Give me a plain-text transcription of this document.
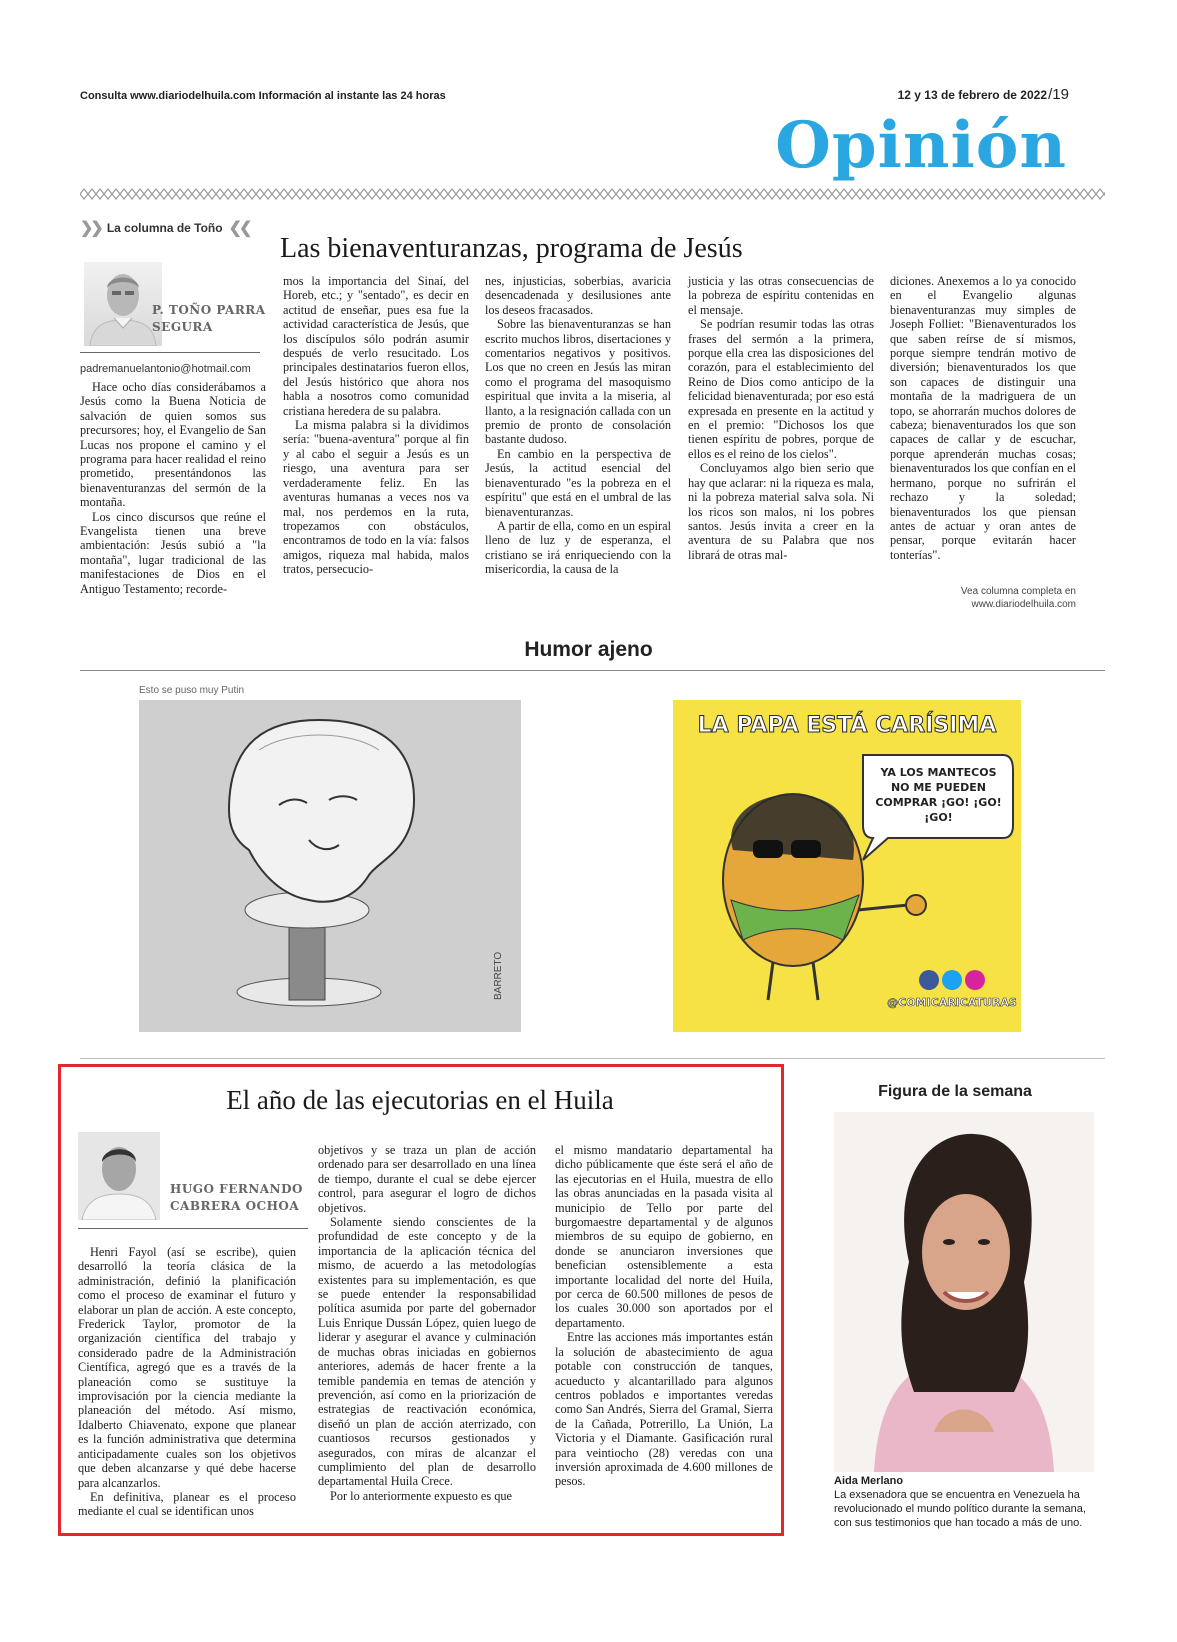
Consulta www.diariodelhuila.com Información al instante las 24 horas	12 y 13 de febrero de 2022 /19
Opinión
❯❯ La columna de Toño ❮❮
Las bienaventuranzas, programa de Jesús
P. TOÑO PARRA
SEGURA
padremanuelantonio@hotmail.com

Hace ocho días considerábamos a Jesús como la Buena Noticia de salvación de quien somos sus precursores; hoy, el Evangelio de San Lucas nos propone el camino y el programa para hacer realidad el reino prometido, presentándonos las bienaventuranzas del sermón de la montaña.

Los cinco discursos que reúne el Evangelista tienen una breve ambientación: Jesús subió a "la montaña", lugar tradicional de las manifestaciones de Dios en el Antiguo Testamento; recorde-

mos la importancia del Sinaí, del Horeb, etc.; y "sentado", es decir en actitud de enseñar, pues esa fue la actividad característica de Jesús, que los discípulos sólo podrán asumir después de verlo resucitado. Los principales destinatarios fueron ellos, del Jesús histórico que ahora nos habla a nosotros como comunidad cristiana heredera de su palabra.

La misma palabra si la dividimos sería: "buena-aventura" porque al fin y al cabo el seguir a Jesús es un riesgo, una aventura para ser verdaderamente feliz. En las aventuras humanas a veces nos va mal, nos perdemos en la ruta, tropezamos con obstáculos, encontramos de todo en la vía: falsos amigos, riqueza mal habida, malos tratos, persecucio-

nes, injusticias, soberbias, avaricia desencadenada y desilusiones ante los deseos fracasados.

Sobre las bienaventuranzas se han escrito muchos libros, disertaciones y comentarios negativos y positivos. Los que no creen en Jesús las miran como el programa del masoquismo espiritual que invita a la miseria, al llanto, a la resignación callada con un premio de pronto de consolación bastante dudoso.

En cambio en la perspectiva de Jesús, la actitud esencial del bienaventurado "es la pobreza en el espíritu" que está en el umbral de las bienaventuranzas.

A partir de ella, como en un espiral lleno de luz y de esperanza, el cristiano se irá enriqueciendo con la misericordia, la causa de la

justicia y las otras consecuencias de la pobreza de espíritu contenidas en el mensaje.

Se podrían resumir todas las otras frases del sermón a la primera, porque ella crea las disposiciones del corazón, para el establecimiento del Reino de Dios como anticipo de la felicidad bienaventurada; por eso está expresada en presente en la actitud y en el premio: "Dichosos los que tienen espíritu de pobres, porque de ellos es el reino de los cielos".

Concluyamos algo bien serio que hay que aclarar: ni la riqueza es mala, ni la pobreza material salva sola. Ni los ricos son malos, ni los pobres santos. Jesús invita a creer en la aventura de su Palabra que nos librará de otras mal-

diciones. Anexemos a lo ya conocido en el Evangelio algunas bienaventuranzas muy simples de Joseph Folliet: "Bienaventurados los que saben reírse de sí mismos, porque siempre tendrán motivo de diversión; bienaventurados los que son capaces de distinguir una montaña de la madriguera de un topo, se ahorrarán muchos dolores de cabeza; bienaventurados los que son capaces de callar y de escuchar, porque aprenderán muchas cosas; bienaventurados los que confían en el hermano, porque no sufrirán el rechazo y la soledad; bienaventurados los que piensan antes de actuar y oran antes de pensar, porque evitarán hacer tonterías".

Vea columna completa en
www.diariodelhuila.com
Humor ajeno
Esto se puso muy Putin
BARRETO
LA PAPA ESTÁ CARÍSIMA
YA LOS MANTECOS NO ME PUEDEN COMPRAR ¡GO! ¡GO! ¡GO!
@COMICARICATURAS
El año de las ejecutorias en el Huila
HUGO FERNANDO
CABRERA OCHOA

Henri Fayol (así se escribe), quien desarrolló la teoría clásica de la administración, definió la planificación como el proceso de examinar el futuro y elaborar un plan de acción. A este concepto, Frederick Taylor, promotor de la organización científica del trabajo y considerado padre de la Administración Científica, agregó que es a través de la planeación como se sustituye la improvisación por la ciencia mediante la planeación del método. Así mismo, Idalberto Chiavenato, expone que planear es la función administrativa que determina anticipadamente cuales son los objetivos que deben alcanzarse y qué debe hacerse para alcanzarlos.

En definitiva, planear es el proceso mediante el cual se identifican unos

objetivos y se traza un plan de acción ordenado para ser desarrollado en una línea de tiempo, durante el cual se debe ejercer control, para asegurar el logro de dichos objetivos.

Solamente siendo conscientes de la profundidad de este concepto y de la importancia de la aplicación técnica del mismo, de acuerdo a las metodologías existentes para su implementación, es que se puede entender la responsabilidad política asumida por parte del gobernador Luis Enrique Dussán López, quien luego de liderar y asegurar el avance y culminación de muchas obras iniciadas en gobiernos anteriores, además de hacer frente a la temible pandemia en temas de atención y prevención, así como en la priorización de estrategias de reactivación económica, diseñó un plan de acción aterrizado, con cuantiosos recursos gestionados y asegurados, con miras de alcanzar el cumplimiento del plan de desarrollo departamental Huila Crece.

Por lo anteriormente expuesto es que

el mismo mandatario departamental ha dicho públicamente que éste será el año de las ejecutorias en el Huila, muestra de ello las obras anunciadas en la pasada visita al municipio de Tello por parte del burgomaestre departamental y de algunos miembros de su equipo de gobierno, en donde se anunciaron inversiones que benefician ostensiblemente a esta importante localidad del norte del Huila, por cerca de 60.500 millones de pesos de los cuales 30.000 son aportados por el departamento.

Entre las acciones más importantes están la solución de abastecimiento de agua potable con construcción de tanques, acueducto y alcantarillado para algunos centros poblados e importantes veredas como San Andrés, Sierra del Gramal, Sierra de la Cañada, Potrerillo, La Unión, La Victoria y el Diamante. Gasificación rural para veintiocho (28) veredas con una inversión aproximada de 4.600 millones de pesos.

Figura de la semana
Aida Merlano
La exsenadora que se encuentra en Venezuela ha revolucionado el mundo político durante la semana, con sus testimonios que han tocado a más de uno.
